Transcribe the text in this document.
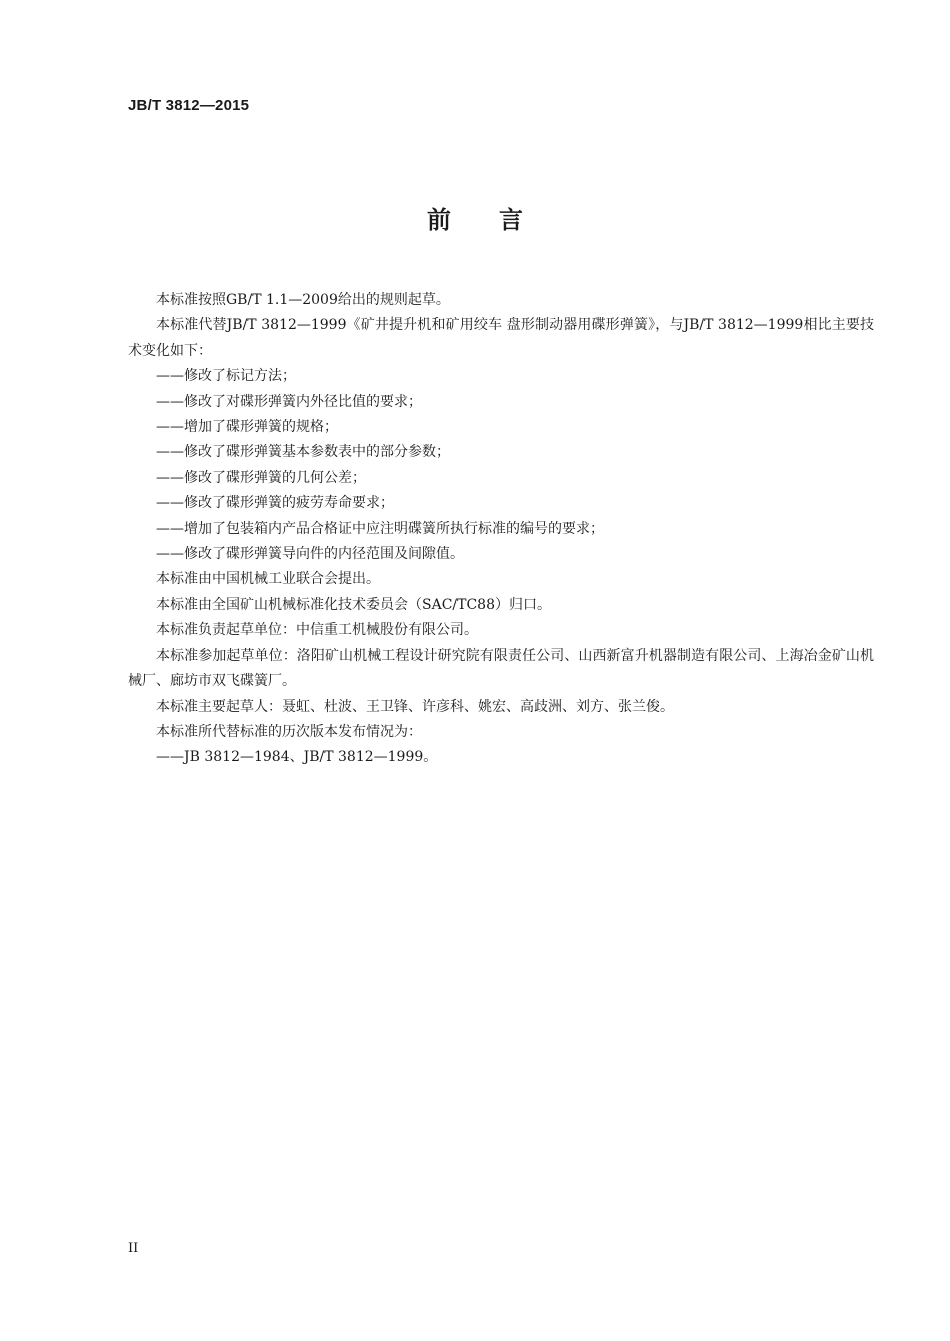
JB/T 3812—2015
前言

本标准按照GB/T 1.1—2009给出的规则起草。

本标准代替JB/T 3812—1999《矿井提升机和矿用绞车 盘形制动器用碟形弹簧》，与JB/T 3812—1999相比主要技术变化如下：

——修改了标记方法；

——修改了对碟形弹簧内外径比值的要求；

——增加了碟形弹簧的规格；

——修改了碟形弹簧基本参数表中的部分参数；

——修改了碟形弹簧的几何公差；

——修改了碟形弹簧的疲劳寿命要求；

——增加了包装箱内产品合格证中应注明碟簧所执行标准的编号的要求；

——修改了碟形弹簧导向件的内径范围及间隙值。

本标准由中国机械工业联合会提出。

本标准由全国矿山机械标准化技术委员会（SAC/TC88）归口。

本标准负责起草单位：中信重工机械股份有限公司。

本标准参加起草单位：洛阳矿山机械工程设计研究院有限责任公司、山西新富升机器制造有限公司、上海冶金矿山机械厂、廊坊市双飞碟簧厂。

本标准主要起草人：聂虹、杜波、王卫锋、许彦科、姚宏、高歧洲、刘方、张兰俊。

本标准所代替标准的历次版本发布情况为：

——JB 3812—1984、JB/T 3812—1999。

II
